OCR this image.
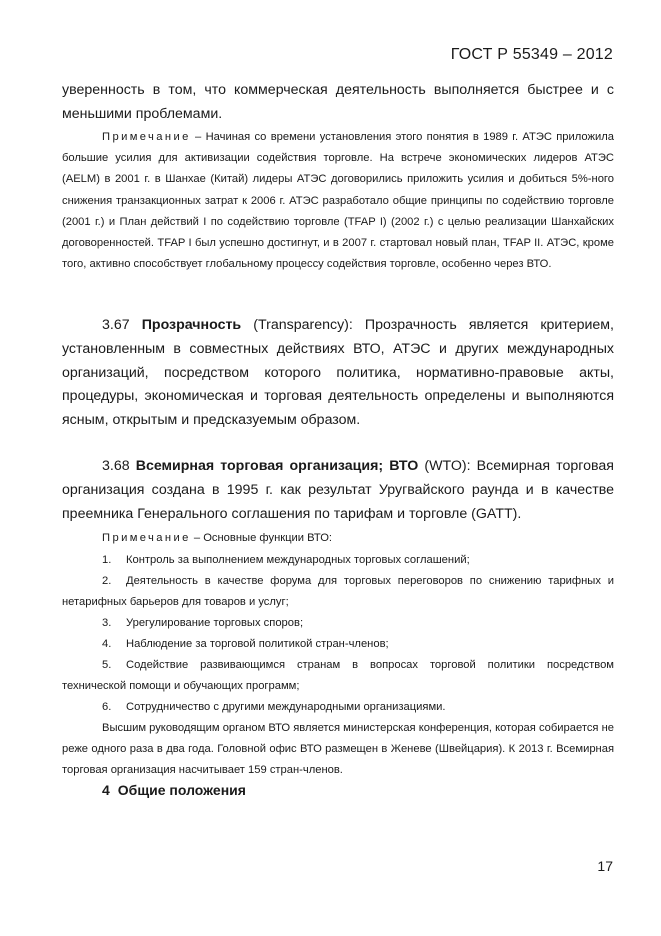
ГОСТ Р 55349 – 2012

уверенность в том, что коммерческая деятельность выполняется быстрее и с меньшими проблемами.

Примечание – Начиная со времени установления этого понятия в 1989 г. АТЭС приложила большие усилия для активизации содействия торговле. На встрече экономических лидеров АТЭС (AELM) в 2001 г. в Шанхае (Китай) лидеры АТЭС договорились приложить усилия и добиться 5%-ного снижения транзакционных затрат к 2006 г. АТЭС разработало общие принципы по содействию торговле (2001 г.) и План действий I по содействию торговле (TFAP I) (2002 г.) с целью реализации Шанхайских договоренностей. TFAP I был успешно достигнут, и в 2007 г. стартовал новый план, TFAP II. АТЭС, кроме того, активно способствует глобальному процессу содействия торговле, особенно через ВТО.

3.67 Прозрачность (Transparency): Прозрачность является критерием, установленным в совместных действиях ВТО, АТЭС и других международных организаций, посредством которого политика, нормативно-правовые акты, процедуры, экономическая и торговая деятельность определены и выполняются ясным, открытым и предсказуемым образом.

3.68 Всемирная торговая организация; ВТО (WTO): Всемирная торговая организация создана в 1995 г. как результат Уругвайского раунда и в качестве преемника Генерального соглашения по тарифам и торговле (GATT).

Примечание – Основные функции ВТО:

1. Контроль за выполнением международных торговых соглашений;

2. Деятельность в качестве форума для торговых переговоров по снижению тарифных и нетарифных барьеров для товаров и услуг;

3. Урегулирование торговых споров;

4. Наблюдение за торговой политикой стран-членов;

5. Содействие развивающимся странам в вопросах торговой политики посредством технической помощи и обучающих программ;

6. Сотрудничество с другими международными организациями.

Высшим руководящим органом ВТО является министерская конференция, которая собирается не реже одного раза в два года. Головной офис ВТО размещен в Женеве (Швейцария). К 2013 г. Всемирная торговая организация насчитывает 159 стран-членов.

4 Общие положения
17
